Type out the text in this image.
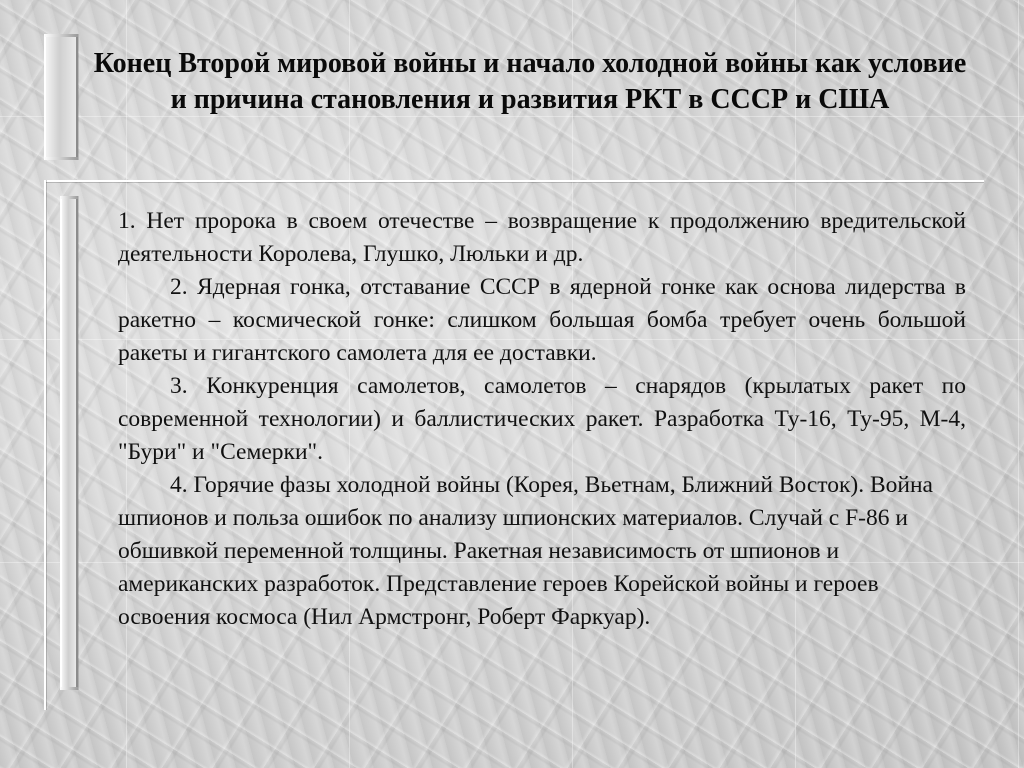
Конец Второй мировой войны и начало холодной войны как условие и причина становления и развития РКТ в СССР и США

1. Нет пророка в своем отечестве – возвращение к продолжению вредительской деятельности Королева, Глушко, Люльки и др.

2. Ядерная гонка, отставание СССР в ядерной гонке как основа лидерства в ракетно – космической гонке: слишком большая бомба требует очень большой ракеты и гигантского самолета для ее доставки.

3. Конкуренция самолетов, самолетов – снарядов (крылатых ракет по современной технологии) и баллистических ракет. Разработка Ту-16, Ту-95, М-4, "Бури" и "Семерки".

4. Горячие фазы холодной войны (Корея, Вьетнам, Ближний Восток). Война шпионов и польза ошибок по анализу шпионских материалов. Случай с F-86 и обшивкой переменной толщины. Ракетная независимость от шпионов и американских разработок. Представление героев Корейской войны и героев освоения космоса (Нил Армстронг, Роберт Фаркуар).
